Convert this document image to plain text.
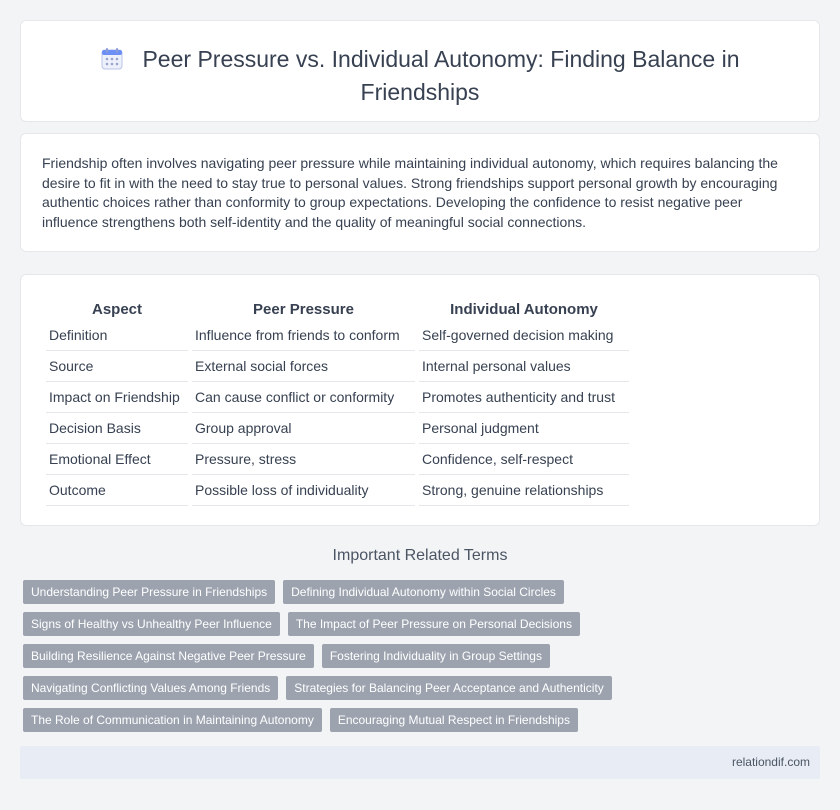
Peer Pressure vs. Individual Autonomy: Finding Balance in Friendships

Friendship often involves navigating peer pressure while maintaining individual autonomy, which requires balancing the desire to fit in with the need to stay true to personal values. Strong friendships support personal growth by encouraging authentic choices rather than conformity to group expectations. Developing the confidence to resist negative peer influence strengthens both self-identity and the quality of meaningful social connections.

Aspect	Peer Pressure	Individual Autonomy
Definition	Influence from friends to conform	Self-governed decision making
Source	External social forces	Internal personal values
Impact on Friendship	Can cause conflict or conformity	Promotes authenticity and trust
Decision Basis	Group approval	Personal judgment
Emotional Effect	Pressure, stress	Confidence, self-respect
Outcome	Possible loss of individuality	Strong, genuine relationships
Important Related Terms
Understanding Peer Pressure in Friendships	Defining Individual Autonomy within Social Circles
Signs of Healthy vs Unhealthy Peer Influence	The Impact of Peer Pressure on Personal Decisions
Building Resilience Against Negative Peer Pressure	Fostering Individuality in Group Settings
Navigating Conflicting Values Among Friends	Strategies for Balancing Peer Acceptance and Authenticity
The Role of Communication in Maintaining Autonomy	Encouraging Mutual Respect in Friendships
relationdif.com
